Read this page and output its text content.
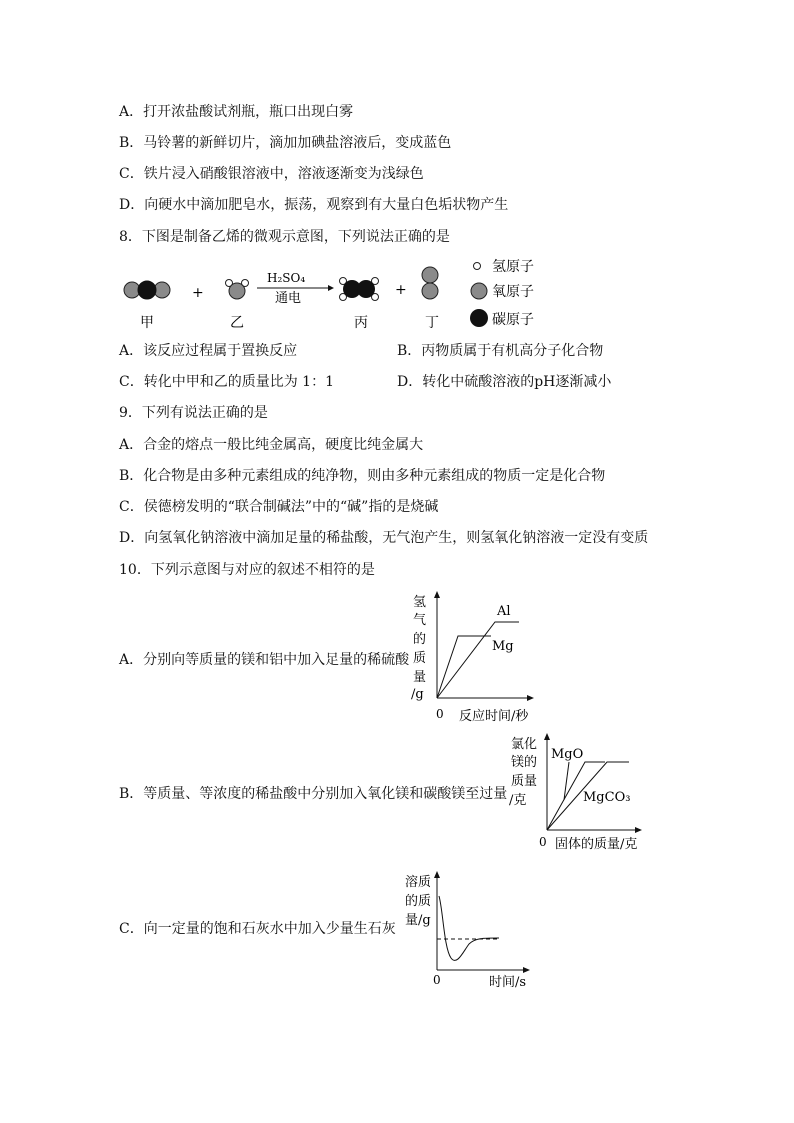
A．打开浓盐酸试剂瓶，瓶口出现白雾
B．马铃薯的新鲜切片，滴加加碘盐溶液后，变成蓝色
C．铁片浸入硝酸银溶液中，溶液逐渐变为浅绿色
D．向硬水中滴加肥皂水，振荡，观察到有大量白色垢状物产生
8．下图是制备乙烯的微观示意图，下列说法正确的是
+
H₂SO₄
通电
+
甲	乙	丙	丁
氢原子
氧原子
碳原子
A．该反应过程属于置换反应	B．丙物质属于有机高分子化合物
C．转化中甲和乙的质量比为 1：1	D．转化中硫酸溶液的pH逐渐减小
9．下列有说法正确的是
A．合金的熔点一般比纯金属高，硬度比纯金属大
B．化合物是由多种元素组成的纯净物，则由多种元素组成的物质一定是化合物
C．侯德榜发明的“联合制碱法”中的“碱”指的是烧碱
D．向氢氧化钠溶液中滴加足量的稀盐酸，无气泡产生，则氢氧化钠溶液一定没有变质
10．下列示意图与对应的叙述不相符的是
A．分别向等质量的镁和铝中加入足量的稀硫酸
B．等质量、等浓度的稀盐酸中分别加入氧化镁和碳酸镁至过量
C．向一定量的饱和石灰水中加入少量生石灰
氢
气
的
质
量
/g
Al
Mg
0 反应时间/秒
氯化
镁的
质量
/克
MgO
MgCO₃
0 固体的质量/克
溶质
的质
量/g
0	时间/s
